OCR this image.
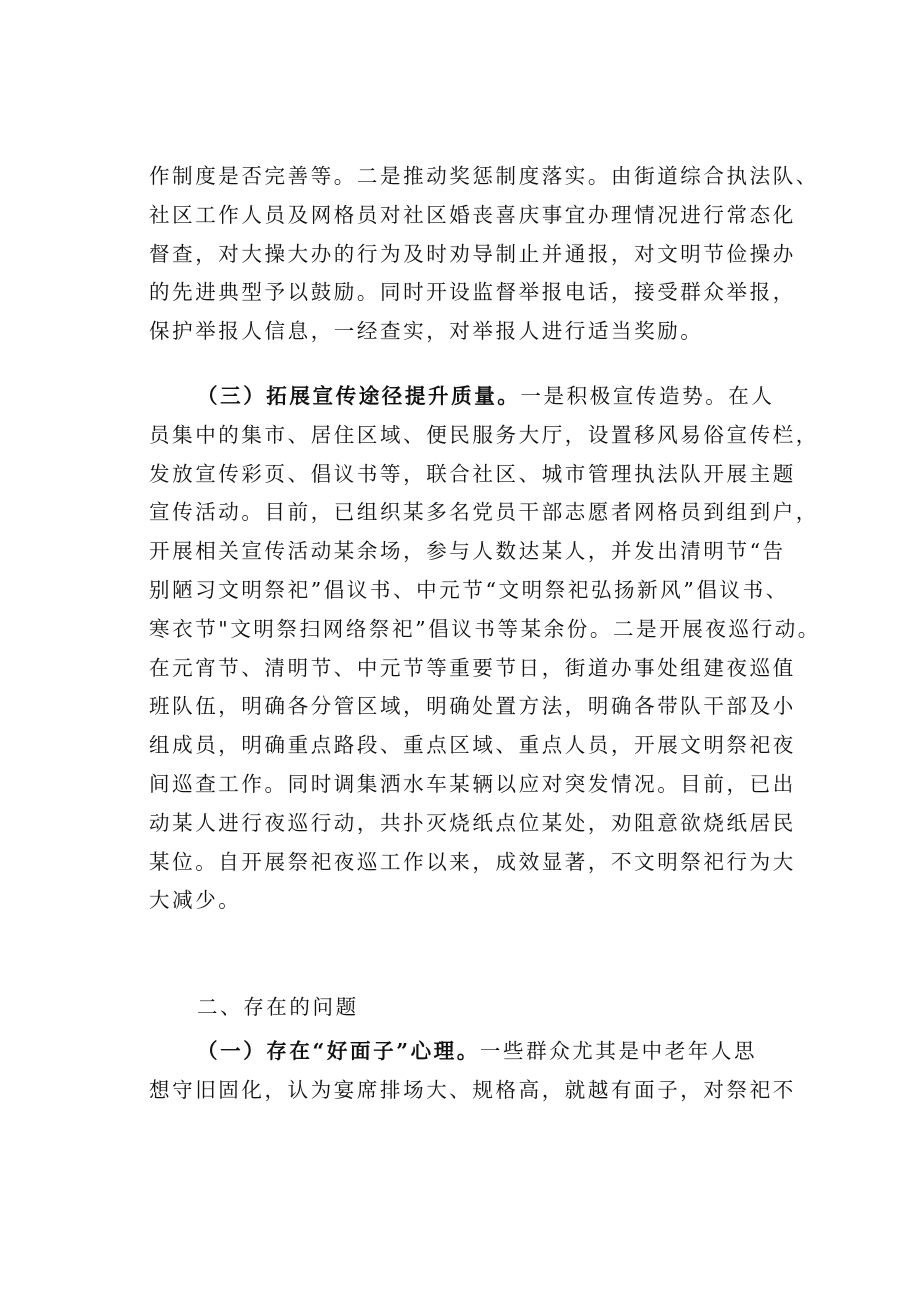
作制度是否完善等。二是推动奖惩制度落实。由街道综合执法队、
社区工作人员及网格员对社区婚丧喜庆事宜办理情况进行常态化
督查，对大操大办的行为及时劝导制止并通报，对文明节俭操办
的先进典型予以鼓励。同时开设监督举报电话，接受群众举报，
保护举报人信息，一经查实，对举报人进行适当奖励。
（三）拓展宣传途径提升质量。一是积极宣传造势。在人
员集中的集市、居住区域、便民服务大厅，设置移风易俗宣传栏，
发放宣传彩页、倡议书等，联合社区、城市管理执法队开展主题
宣传活动。目前，已组织某多名党员干部志愿者网格员到组到户，
开展相关宣传活动某余场，参与人数达某人，并发出清明节“告
别陋习文明祭祀”倡议书、中元节“文明祭祀弘扬新风”倡议书、
寒衣节"文明祭扫网络祭祀”倡议书等某余份。二是开展夜巡行动。
在元宵节、清明节、中元节等重要节日，街道办事处组建夜巡值
班队伍，明确各分管区域，明确处置方法，明确各带队干部及小
组成员，明确重点路段、重点区域、重点人员，开展文明祭祀夜
间巡查工作。同时调集洒水车某辆以应对突发情况。目前，已出
动某人进行夜巡行动，共扑灭烧纸点位某处，劝阻意欲烧纸居民
某位。自开展祭祀夜巡工作以来，成效显著，不文明祭祀行为大
大减少。
二、存在的问题
（一）存在“好面子”心理。一些群众尤其是中老年人思
想守旧固化，认为宴席排场大、规格高，就越有面子，对祭祀不
